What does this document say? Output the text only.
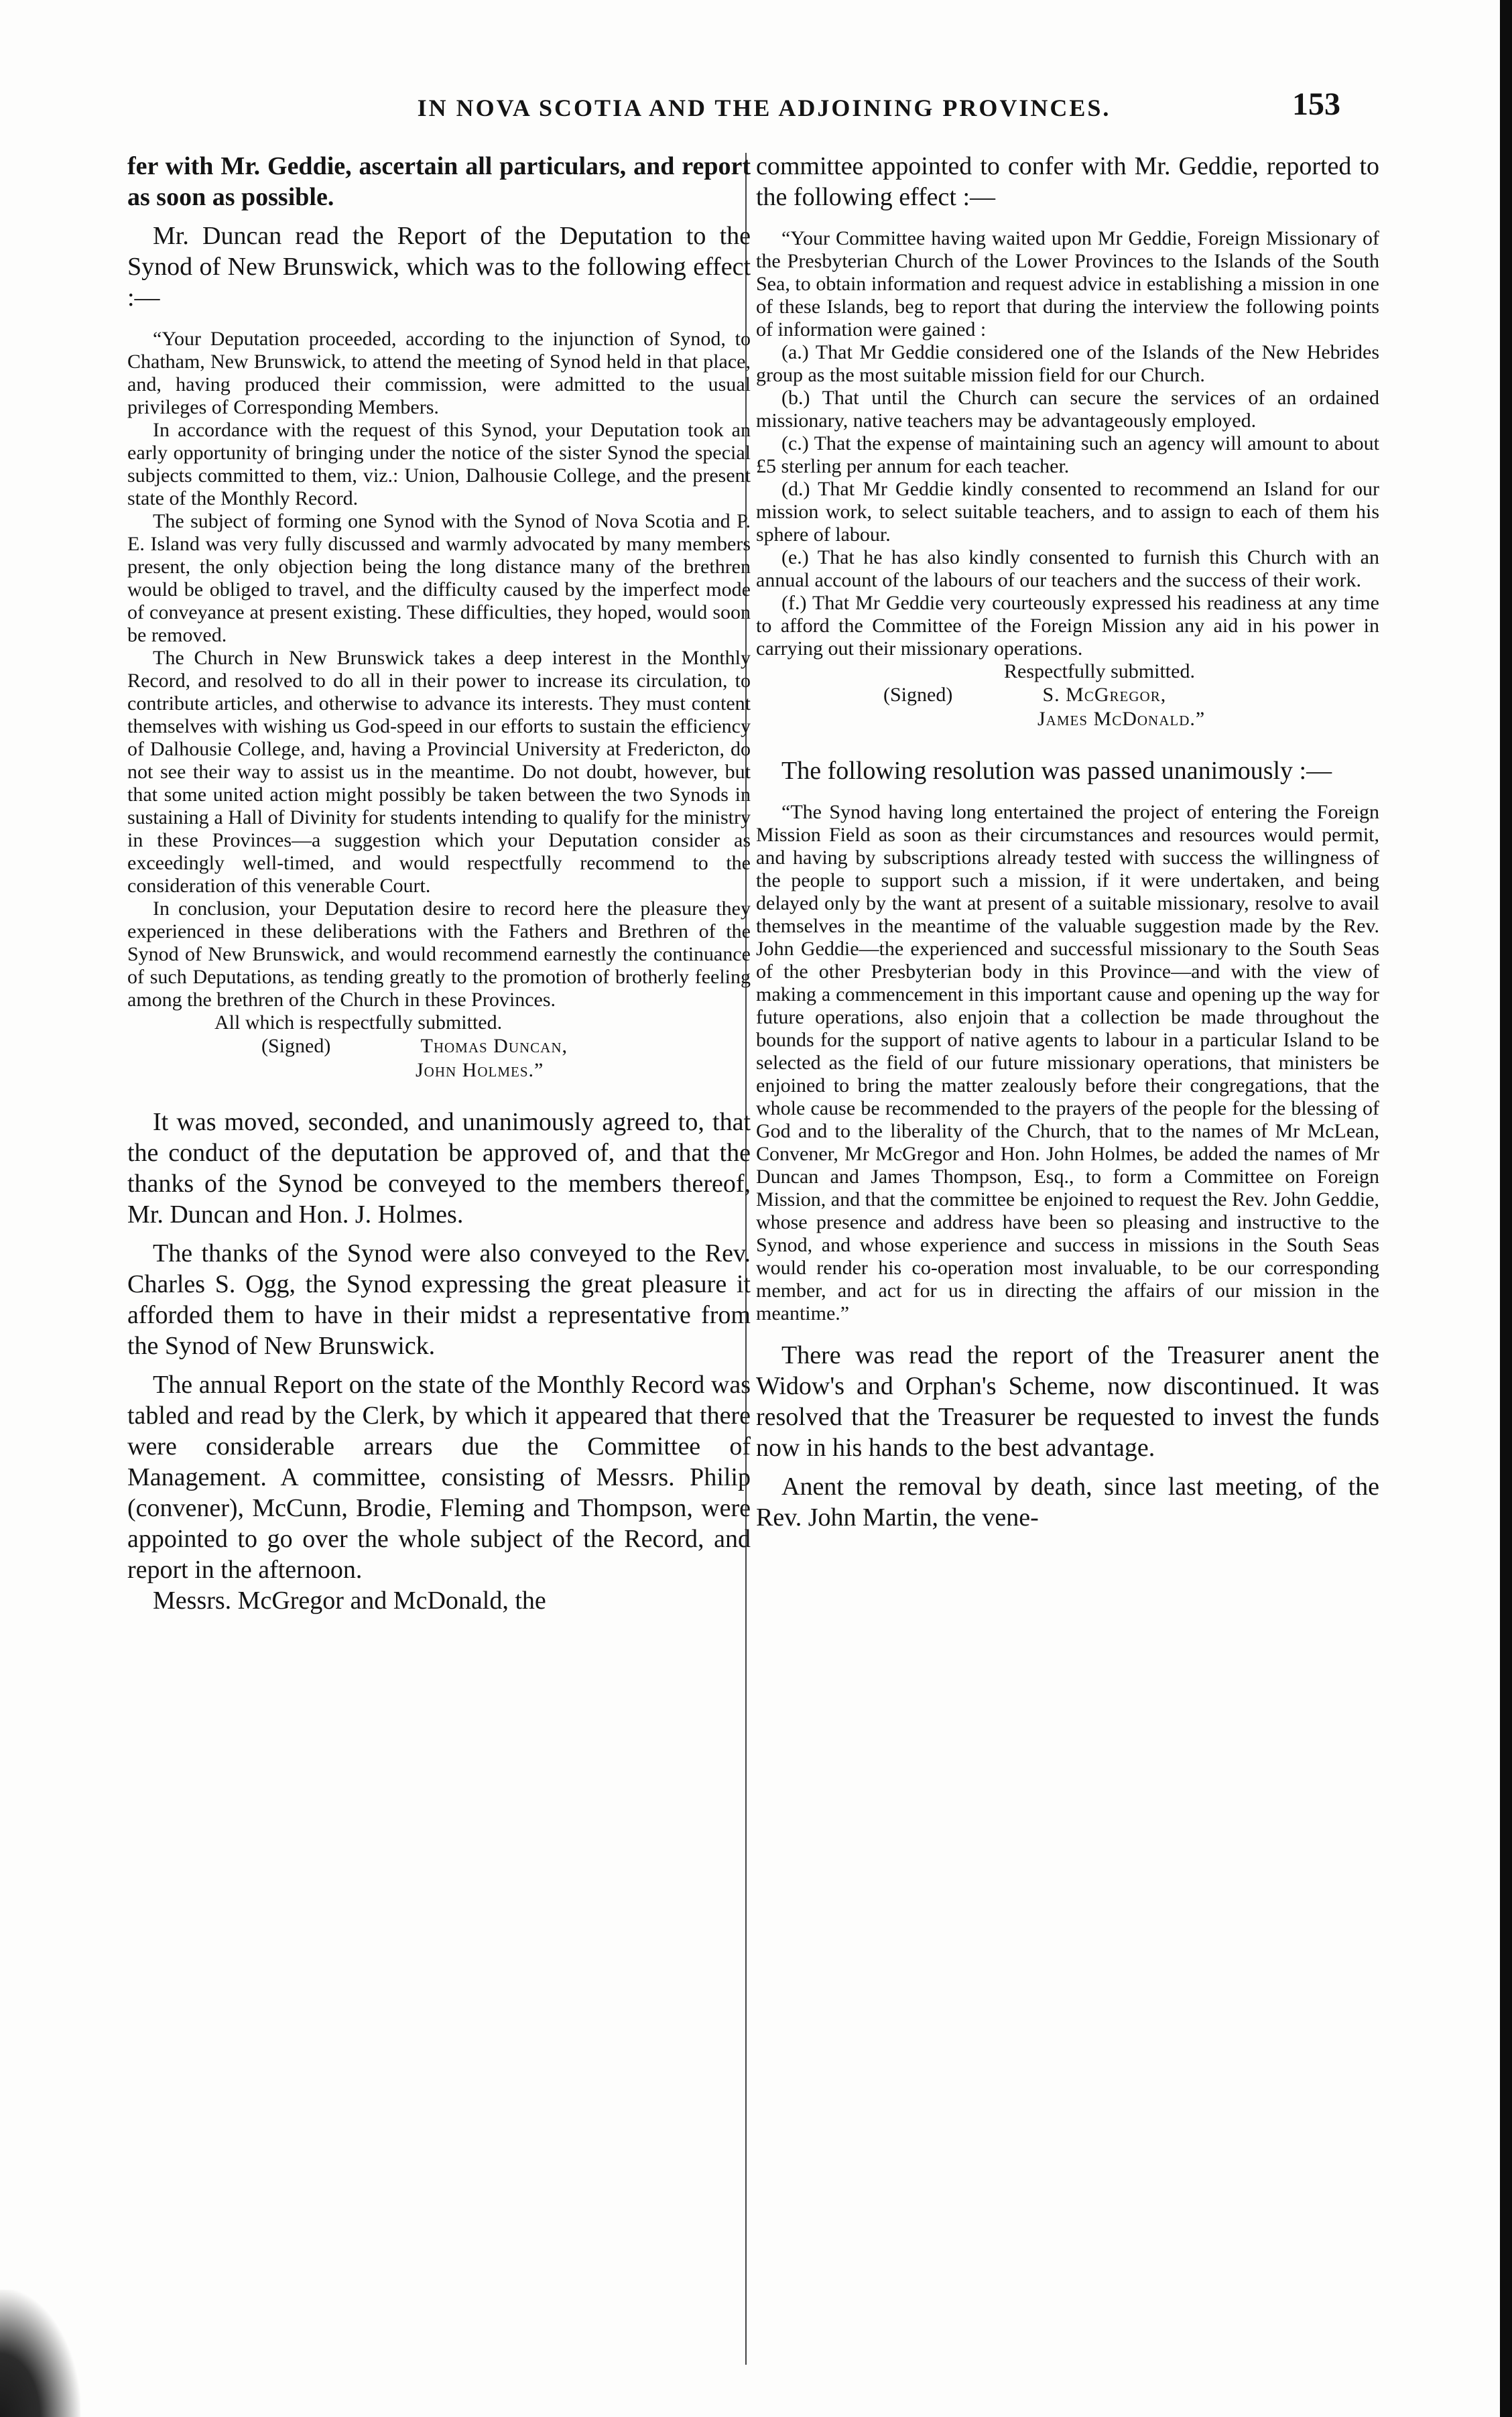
IN NOVA SCOTIA AND THE ADJOINING PROVINCES.	153

fer with Mr. Geddie, ascertain all particulars, and report as soon as possible.

Mr. Duncan read the Report of the Deputation to the Synod of New Brunswick, which was to the following effect :—

“Your Deputation proceeded, according to the injunction of Synod, to Chatham, New Brunswick, to attend the meeting of Synod held in that place, and, having produced their commission, were admitted to the usual privileges of Corresponding Members.

In accordance with the request of this Synod, your Deputation took an early opportunity of bringing under the notice of the sister Synod the special subjects committed to them, viz.: Union, Dalhousie College, and the present state of the Monthly Record.

The subject of forming one Synod with the Synod of Nova Scotia and P. E. Island was very fully discussed and warmly advocated by many members present, the only objection being the long distance many of the brethren would be obliged to travel, and the difficulty caused by the imperfect mode of conveyance at present existing. These difficulties, they hoped, would soon be removed.

The Church in New Brunswick takes a deep interest in the Monthly Record, and resolved to do all in their power to increase its circulation, to contribute articles, and otherwise to advance its interests. They must content themselves with wishing us God-speed in our efforts to sustain the efficiency of Dalhousie College, and, having a Provincial University at Fredericton, do not see their way to assist us in the meantime. Do not doubt, however, but that some united action might possibly be taken between the two Synods in sustaining a Hall of Divinity for students intending to qualify for the ministry in these Provinces—a suggestion which your Deputation consider as exceedingly well-timed, and would respectfully recommend to the consideration of this venerable Court.

In conclusion, your Deputation desire to record here the pleasure they experienced in these deliberations with the Fathers and Brethren of the Synod of New Brunswick, and would recommend earnestly the continuance of such Deputations, as tending greatly to the promotion of brotherly feeling among the brethren of the Church in these Provinces.

All which is respectfully submitted.

(Signed)	Thomas Duncan,
John Holmes.”

It was moved, seconded, and unanimously agreed to, that the conduct of the deputation be approved of, and that the thanks of the Synod be conveyed to the members thereof, Mr. Duncan and Hon. J. Holmes.

The thanks of the Synod were also conveyed to the Rev. Charles S. Ogg, the Synod expressing the great pleasure it afforded them to have in their midst a representative from the Synod of New Brunswick.

The annual Report on the state of the Monthly Record was tabled and read by the Clerk, by which it appeared that there were considerable arrears due the Committee of Management. A committee, consisting of Messrs. Philip (convener), McCunn, Brodie, Fleming and Thompson, were appointed to go over the whole subject of the Record, and report in the afternoon.

Messrs. McGregor and McDonald, the

committee appointed to confer with Mr. Geddie, reported to the following effect :—

“Your Committee having waited upon Mr Geddie, Foreign Missionary of the Presbyterian Church of the Lower Provinces to the Islands of the South Sea, to obtain information and request advice in establishing a mission in one of these Islands, beg to report that during the interview the following points of information were gained :

(a.) That Mr Geddie considered one of the Islands of the New Hebrides group as the most suitable mission field for our Church.

(b.) That until the Church can secure the services of an ordained missionary, native teachers may be advantageously employed.

(c.) That the expense of maintaining such an agency will amount to about £5 sterling per annum for each teacher.

(d.) That Mr Geddie kindly consented to recommend an Island for our mission work, to select suitable teachers, and to assign to each of them his sphere of labour.

(e.) That he has also kindly consented to furnish this Church with an annual account of the labours of our teachers and the success of their work.

(f.) That Mr Geddie very courteously expressed his readiness at any time to afford the Committee of the Foreign Mission any aid in his power in carrying out their missionary operations.

Respectfully submitted.

(Signed)	S. McGregor,
James McDonald.”

The following resolution was passed unanimously :—

“The Synod having long entertained the project of entering the Foreign Mission Field as soon as their circumstances and resources would permit, and having by subscriptions already tested with success the willingness of the people to support such a mission, if it were undertaken, and being delayed only by the want at present of a suitable missionary, resolve to avail themselves in the meantime of the valuable suggestion made by the Rev. John Geddie—the experienced and successful missionary to the South Seas of the other Presbyterian body in this Province—and with the view of making a commencement in this important cause and opening up the way for future operations, also enjoin that a collection be made throughout the bounds for the support of native agents to labour in a particular Island to be selected as the field of our future missionary operations, that ministers be enjoined to bring the matter zealously before their congregations, that the whole cause be recommended to the prayers of the people for the blessing of God and to the liberality of the Church, that to the names of Mr McLean, Convener, Mr McGregor and Hon. John Holmes, be added the names of Mr Duncan and James Thompson, Esq., to form a Committee on Foreign Mission, and that the committee be enjoined to request the Rev. John Geddie, whose presence and address have been so pleasing and instructive to the Synod, and whose experience and success in missions in the South Seas would render his co-operation most invaluable, to be our corresponding member, and act for us in directing the affairs of our mission in the meantime.”

There was read the report of the Treasurer anent the Widow's and Orphan's Scheme, now discontinued. It was resolved that the Treasurer be requested to invest the funds now in his hands to the best advantage.

Anent the removal by death, since last meeting, of the Rev. John Martin, the vene-
